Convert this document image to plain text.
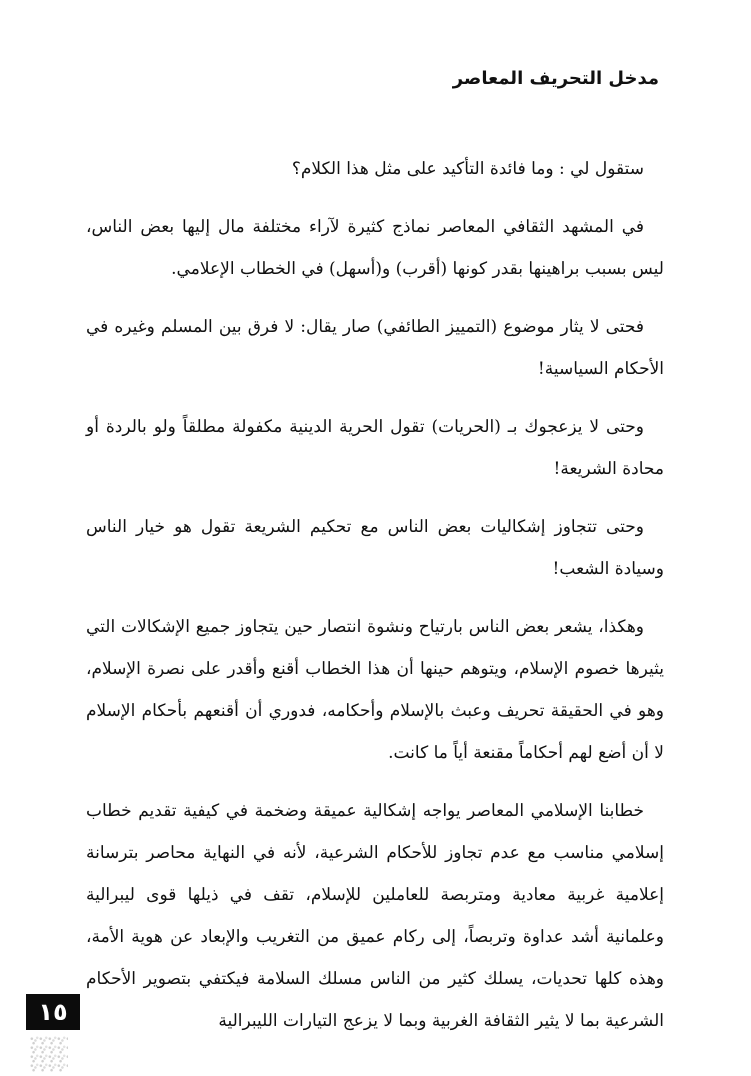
مدخل التحريف المعاصر

ستقول لي : وما فائدة التأكيد على مثل هذا الكلام؟

في المشهد الثقافي المعاصر نماذج كثيرة لآراء مختلفة مال إليها بعض الناس، ليس بسبب براهينها بقدر كونها (أقرب) و(أسهل) في الخطاب الإعلامي.

فحتى لا يثار موضوع (التمييز الطائفي) صار يقال: لا فرق بين المسلم وغيره في الأحكام السياسية!

وحتى لا يزعجوك بـ (الحريات) تقول الحرية الدينية مكفولة مطلقاً ولو بالردة أو محادة الشريعة!

وحتى تتجاوز إشكاليات بعض الناس مع تحكيم الشريعة تقول هو خيار الناس وسيادة الشعب!

وهكذا، يشعر بعض الناس بارتياح ونشوة انتصار حين يتجاوز جميع الإشكالات التي يثيرها خصوم الإسلام، ويتوهم حينها أن هذا الخطاب أقنع وأقدر على نصرة الإسلام، وهو في الحقيقة تحريف وعبث بالإسلام وأحكامه، فدوري أن أقنعهم بأحكام الإسلام لا أن أضع لهم أحكاماً مقنعة أياً ما كانت.

خطابنا الإسلامي المعاصر يواجه إشكالية عميقة وضخمة في كيفية تقديم خطاب إسلامي مناسب مع عدم تجاوز للأحكام الشرعية، لأنه في النهاية محاصر بترسانة إعلامية غربية معادية ومتربصة للعاملين للإسلام، تقف في ذيلها قوى ليبرالية وعلمانية أشد عداوة وتربصاً، إلى ركام عميق من التغريب والإبعاد عن هوية الأمة، وهذه كلها تحديات، يسلك كثير من الناس مسلك السلامة فيكتفي بتصوير الأحكام الشرعية بما لا يثير الثقافة الغربية وبما لا يزعج التيارات الليبرالية

١٥
